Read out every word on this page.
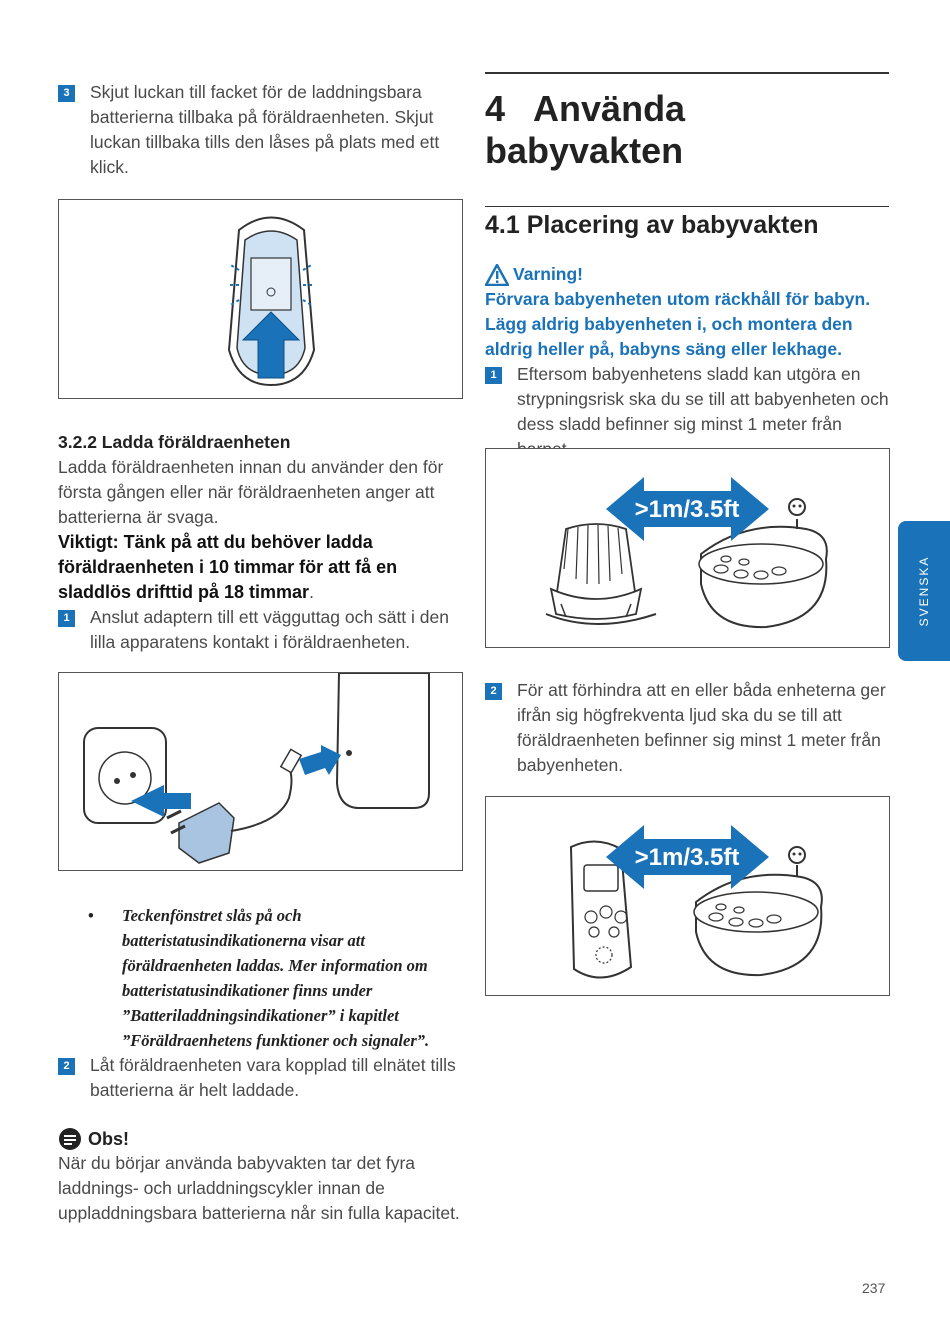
3	Skjut luckan till facket för de laddningsbara batterierna tillbaka på föräldraenheten. Skjut luckan tillbaka tills den låses på plats med ett klick.
3.2.2 Ladda föräldraenheten
Ladda föräldraenheten innan du använder den för första gången eller när föräldraenheten anger att batterierna är svaga.
Viktigt: Tänk på att du behöver ladda föräldraenheten i 10 timmar för att få en sladdlös drifttid på 18 timmar.
1	Anslut adaptern till ett vägguttag och sätt i den lilla apparatens kontakt i föräldraenheten.
• Teckenfönstret slås på och batteristatusindikationerna visar att föräldraenheten laddas. Mer information om batteristatusindikationer finns under ”Batteriladdningsindikationer” i kapitlet ”Föräldraenhetens funktioner och signaler”.
2	Låt föräldraenheten vara kopplad till elnätet tills batterierna är helt laddade.
Obs!
När du börjar använda babyvakten tar det fyra laddnings- och urladdningscykler innan de uppladdningsbara batterierna når sin fulla kapacitet.
4 Använda babyvakten
4.1 Placering av babyvakten
Varning!
Förvara babyenheten utom räckhåll för babyn. Lägg aldrig babyenheten i, och montera den aldrig heller på, babyns säng eller lekhage.
1	Eftersom babyenhetens sladd kan utgöra en strypningsrisk ska du se till att babyenheten och dess sladd befinner sig minst 1 meter från
>1m/3.5ft
2	För att förhindra att en eller båda enheterna ger ifrån sig högfrekventa ljud ska du se till att föräldraenheten befinner sig minst 1 meter från babyenheten.
>1m/3.5ft
SVENSKA
237
